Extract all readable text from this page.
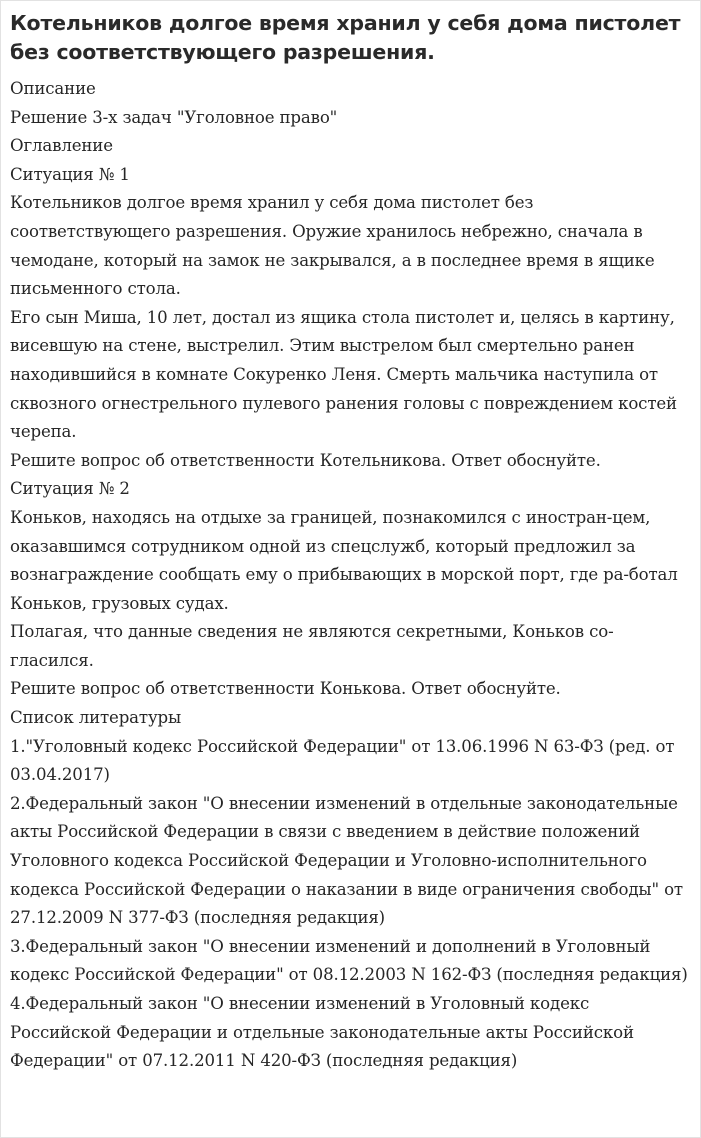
Котельников долгое время хранил у себя дома пистолет без соответствующего разрешения.

Описание

Решение 3-х задач "Уголовное право"

Оглавление

Ситуация № 1

Котельников долгое время хранил у себя дома пистолет без соответствующего разрешения. Оружие хранилось небрежно, сначала в чемодане, который на замок не закрывался, а в последнее время в ящике письменного стола.

Его сын Миша, 10 лет, достал из ящика стола пистолет и, целясь в картину, висевшую на стене, выстрелил. Этим выстрелом был смертельно ранен находившийся в комнате Сокуренко Леня. Смерть мальчика наступила от сквозного огнестрельного пулевого ранения головы с повреждением костей черепа.

Решите вопрос об ответственности Котельникова. Ответ обоснуйте.

Ситуация № 2

Коньков, находясь на отдыхе за границей, познакомился с иностран-цем, оказавшимся сотрудником одной из спецслужб, который предложил за вознаграждение сообщать ему о прибывающих в морской порт, где ра-ботал Коньков, грузовых судах.

Полагая, что данные сведения не являются секретными, Коньков со-гласился.

Решите вопрос об ответственности Конькова. Ответ обоснуйте.

Список литературы

1."Уголовный кодекс Российской Федерации" от 13.06.1996 N 63-ФЗ (ред. от 03.04.2017)
2.Федеральный закон "О внесении изменений в отдельные законодательные акты Российской Федерации в связи с введением в действие положений Уголовного кодекса Российской Федерации и Уголовно-исполнительного кодекса Российской Федерации о наказании в виде ограничения свободы" от 27.12.2009 N 377-ФЗ (последняя редакция)
3.Федеральный закон "О внесении изменений и дополнений в Уголовный кодекс Российской Федерации" от 08.12.2003 N 162-ФЗ (последняя редакция)
4.Федеральный закон "О внесении изменений в Уголовный кодекс Российской Федерации и отдельные законодательные акты Российской Федерации" от 07.12.2011 N 420-ФЗ (последняя редакция)
